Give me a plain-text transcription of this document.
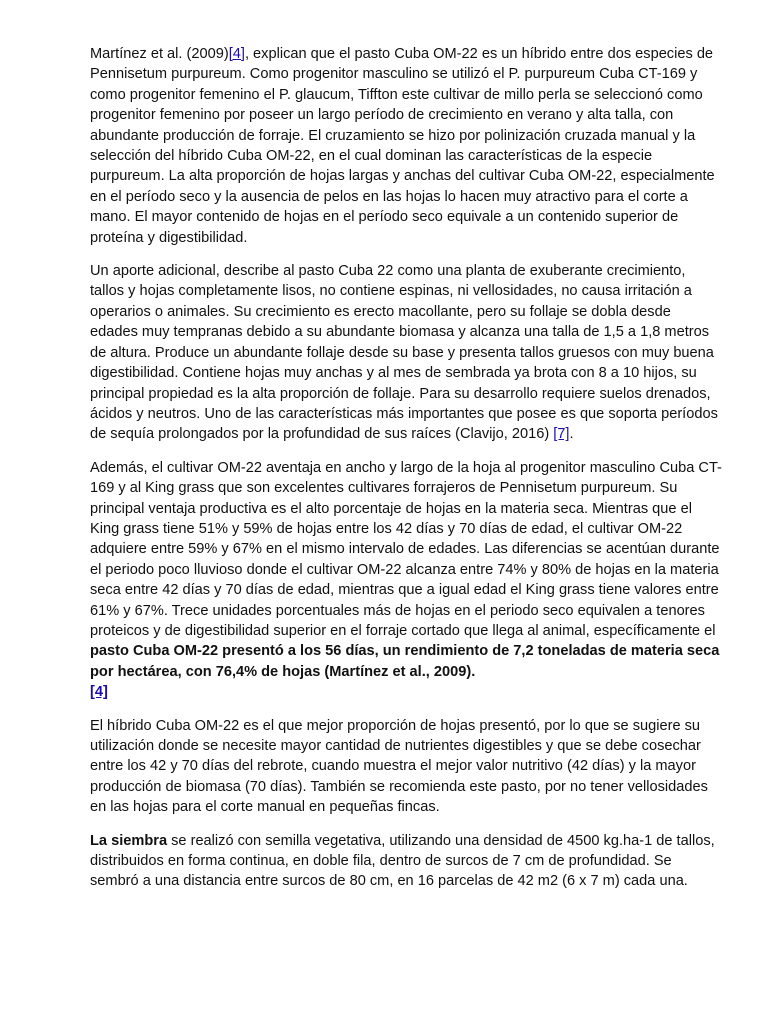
Martínez et al. (2009)[4], explican que el pasto Cuba OM-22 es un híbrido entre dos especies de Pennisetum purpureum. Como progenitor masculino se utilizó el P. purpureum Cuba CT-169 y como progenitor femenino el P. glaucum, Tiffton este cultivar de millo perla se seleccionó como progenitor femenino por poseer un largo período de crecimiento en verano y alta talla, con abundante producción de forraje. El cruzamiento se hizo por polinización cruzada manual y la selección del híbrido Cuba OM-22, en el cual dominan las características de la especie purpureum. La alta proporción de hojas largas y anchas del cultivar Cuba OM-22, especialmente en el período seco y la ausencia de pelos en las hojas lo hacen muy atractivo para el corte a mano. El mayor contenido de hojas en el período seco equivale a un contenido superior de proteína y digestibilidad.

Un aporte adicional, describe al pasto Cuba 22 como una planta de exuberante crecimiento, tallos y hojas completamente lisos, no contiene espinas, ni vellosidades, no causa irritación a operarios o animales. Su crecimiento es erecto macollante, pero su follaje se dobla desde edades muy tempranas debido a su abundante biomasa y alcanza una talla de 1,5 a 1,8 metros de altura. Produce un abundante follaje desde su base y presenta tallos gruesos con muy buena digestibilidad. Contiene hojas muy anchas y al mes de sembrada ya brota con 8 a 10 hijos, su principal propiedad es la alta proporción de follaje. Para su desarrollo requiere suelos drenados, ácidos y neutros. Uno de las características más importantes que posee es que soporta períodos de sequía prolongados por la profundidad de sus raíces (Clavijo, 2016) [7].

Además, el cultivar OM-22 aventaja en ancho y largo de la hoja al progenitor masculino Cuba CT-169 y al King grass que son excelentes cultivares forrajeros de Pennisetum purpureum. Su principal ventaja productiva es el alto porcentaje de hojas en la materia seca. Mientras que el King grass tiene 51% y 59% de hojas entre los 42 días y 70 días de edad, el cultivar OM-22 adquiere entre 59% y 67% en el mismo intervalo de edades. Las diferencias se acentúan durante el periodo poco lluvioso donde el cultivar OM-22 alcanza entre 74% y 80% de hojas en la materia seca entre 42 días y 70 días de edad, mientras que a igual edad el King grass tiene valores entre 61% y 67%. Trece unidades porcentuales más de hojas en el periodo seco equivalen a tenores proteicos y de digestibilidad superior en el forraje cortado que llega al animal, específicamente el pasto Cuba OM-22 presentó a los 56 días, un rendimiento de 7,2 toneladas de materia seca por hectárea, con 76,4% de hojas (Martínez et al., 2009).
[4]

El híbrido Cuba OM-22 es el que mejor proporción de hojas presentó, por lo que se sugiere su utilización donde se necesite mayor cantidad de nutrientes digestibles y que se debe cosechar entre los 42 y 70 días del rebrote, cuando muestra el mejor valor nutritivo (42 días) y la mayor producción de biomasa (70 días). También se recomienda este pasto, por no tener vellosidades en las hojas para el corte manual en pequeñas fincas.

La siembra se realizó con semilla vegetativa, utilizando una densidad de 4500 kg.ha-1 de tallos, distribuidos en forma continua, en doble fila, dentro de surcos de 7 cm de profundidad. Se sembró a una distancia entre surcos de 80 cm, en 16 parcelas de 42 m2 (6 x 7 m) cada una.
